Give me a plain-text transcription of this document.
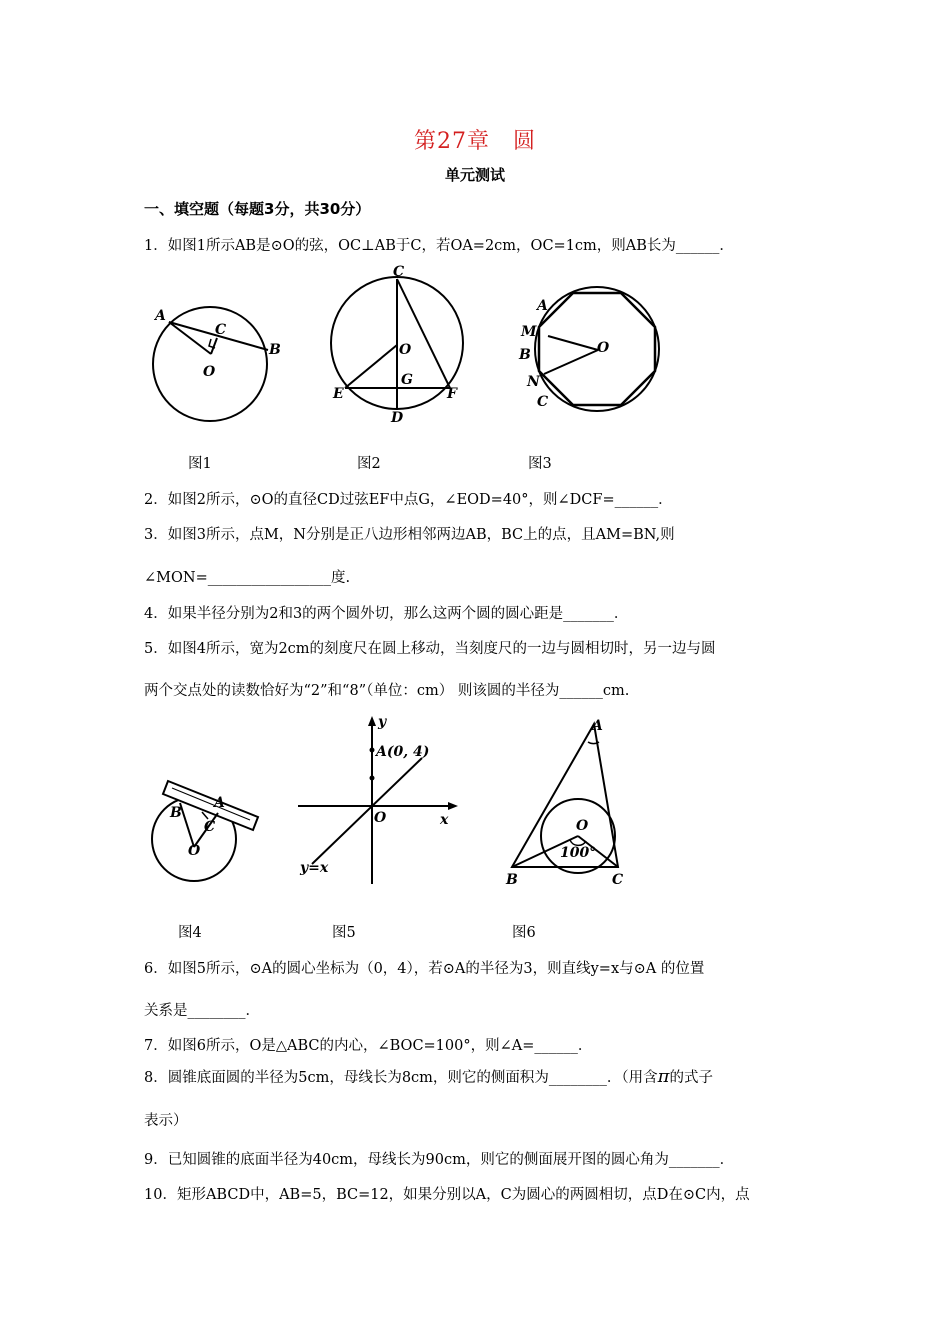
第27章　圆
单元测试
一、填空题（每题3分，共30分）
1．如图1所示AB是⊙O的弦，OC⊥AB于C，若OA=2cm，OC=1cm，则AB长为______．
A
C
B
O
C
O
E
G
F
D
A
M
B
N
C
O
图1	图2	图3
2．如图2所示，⊙O的直径CD过弦EF中点G，∠EOD=40°，则∠DCF=______．
3．如图3所示，点M，N分别是正八边形相邻两边AB，BC上的点，且AM=BN,则
∠MON=_________________度.
4．如果半径分别为2和3的两个圆外切，那么这两个圆的圆心距是_______．
5．如图4所示，宽为2cm的刻度尺在圆上移动，当刻度尺的一边与圆相切时，另一边与圆
两个交点处的读数恰好为“2”和“8”（单位：cm） 则该圆的半径为______cm.
B
A
C
O
y
A(0, 4)
O	x
y=x
A
O
100°
B	C
图4	图5	图6
6．如图5所示，⊙A的圆心坐标为（0，4），若⊙A的半径为3，则直线y=x与⊙A 的位置
关系是________．
7．如图6所示，O是△ABC的内心，∠BOC=100°，则∠A=______．
8．圆锥底面圆的半径为5cm，母线长为8cm，则它的侧面积为________．（用含π的式子
表示）
9．已知圆锥的底面半径为40cm，母线长为90cm，则它的侧面展开图的圆心角为_______．
10．矩形ABCD中，AB=5，BC=12，如果分别以A，C为圆心的两圆相切，点D在⊙C内，点
